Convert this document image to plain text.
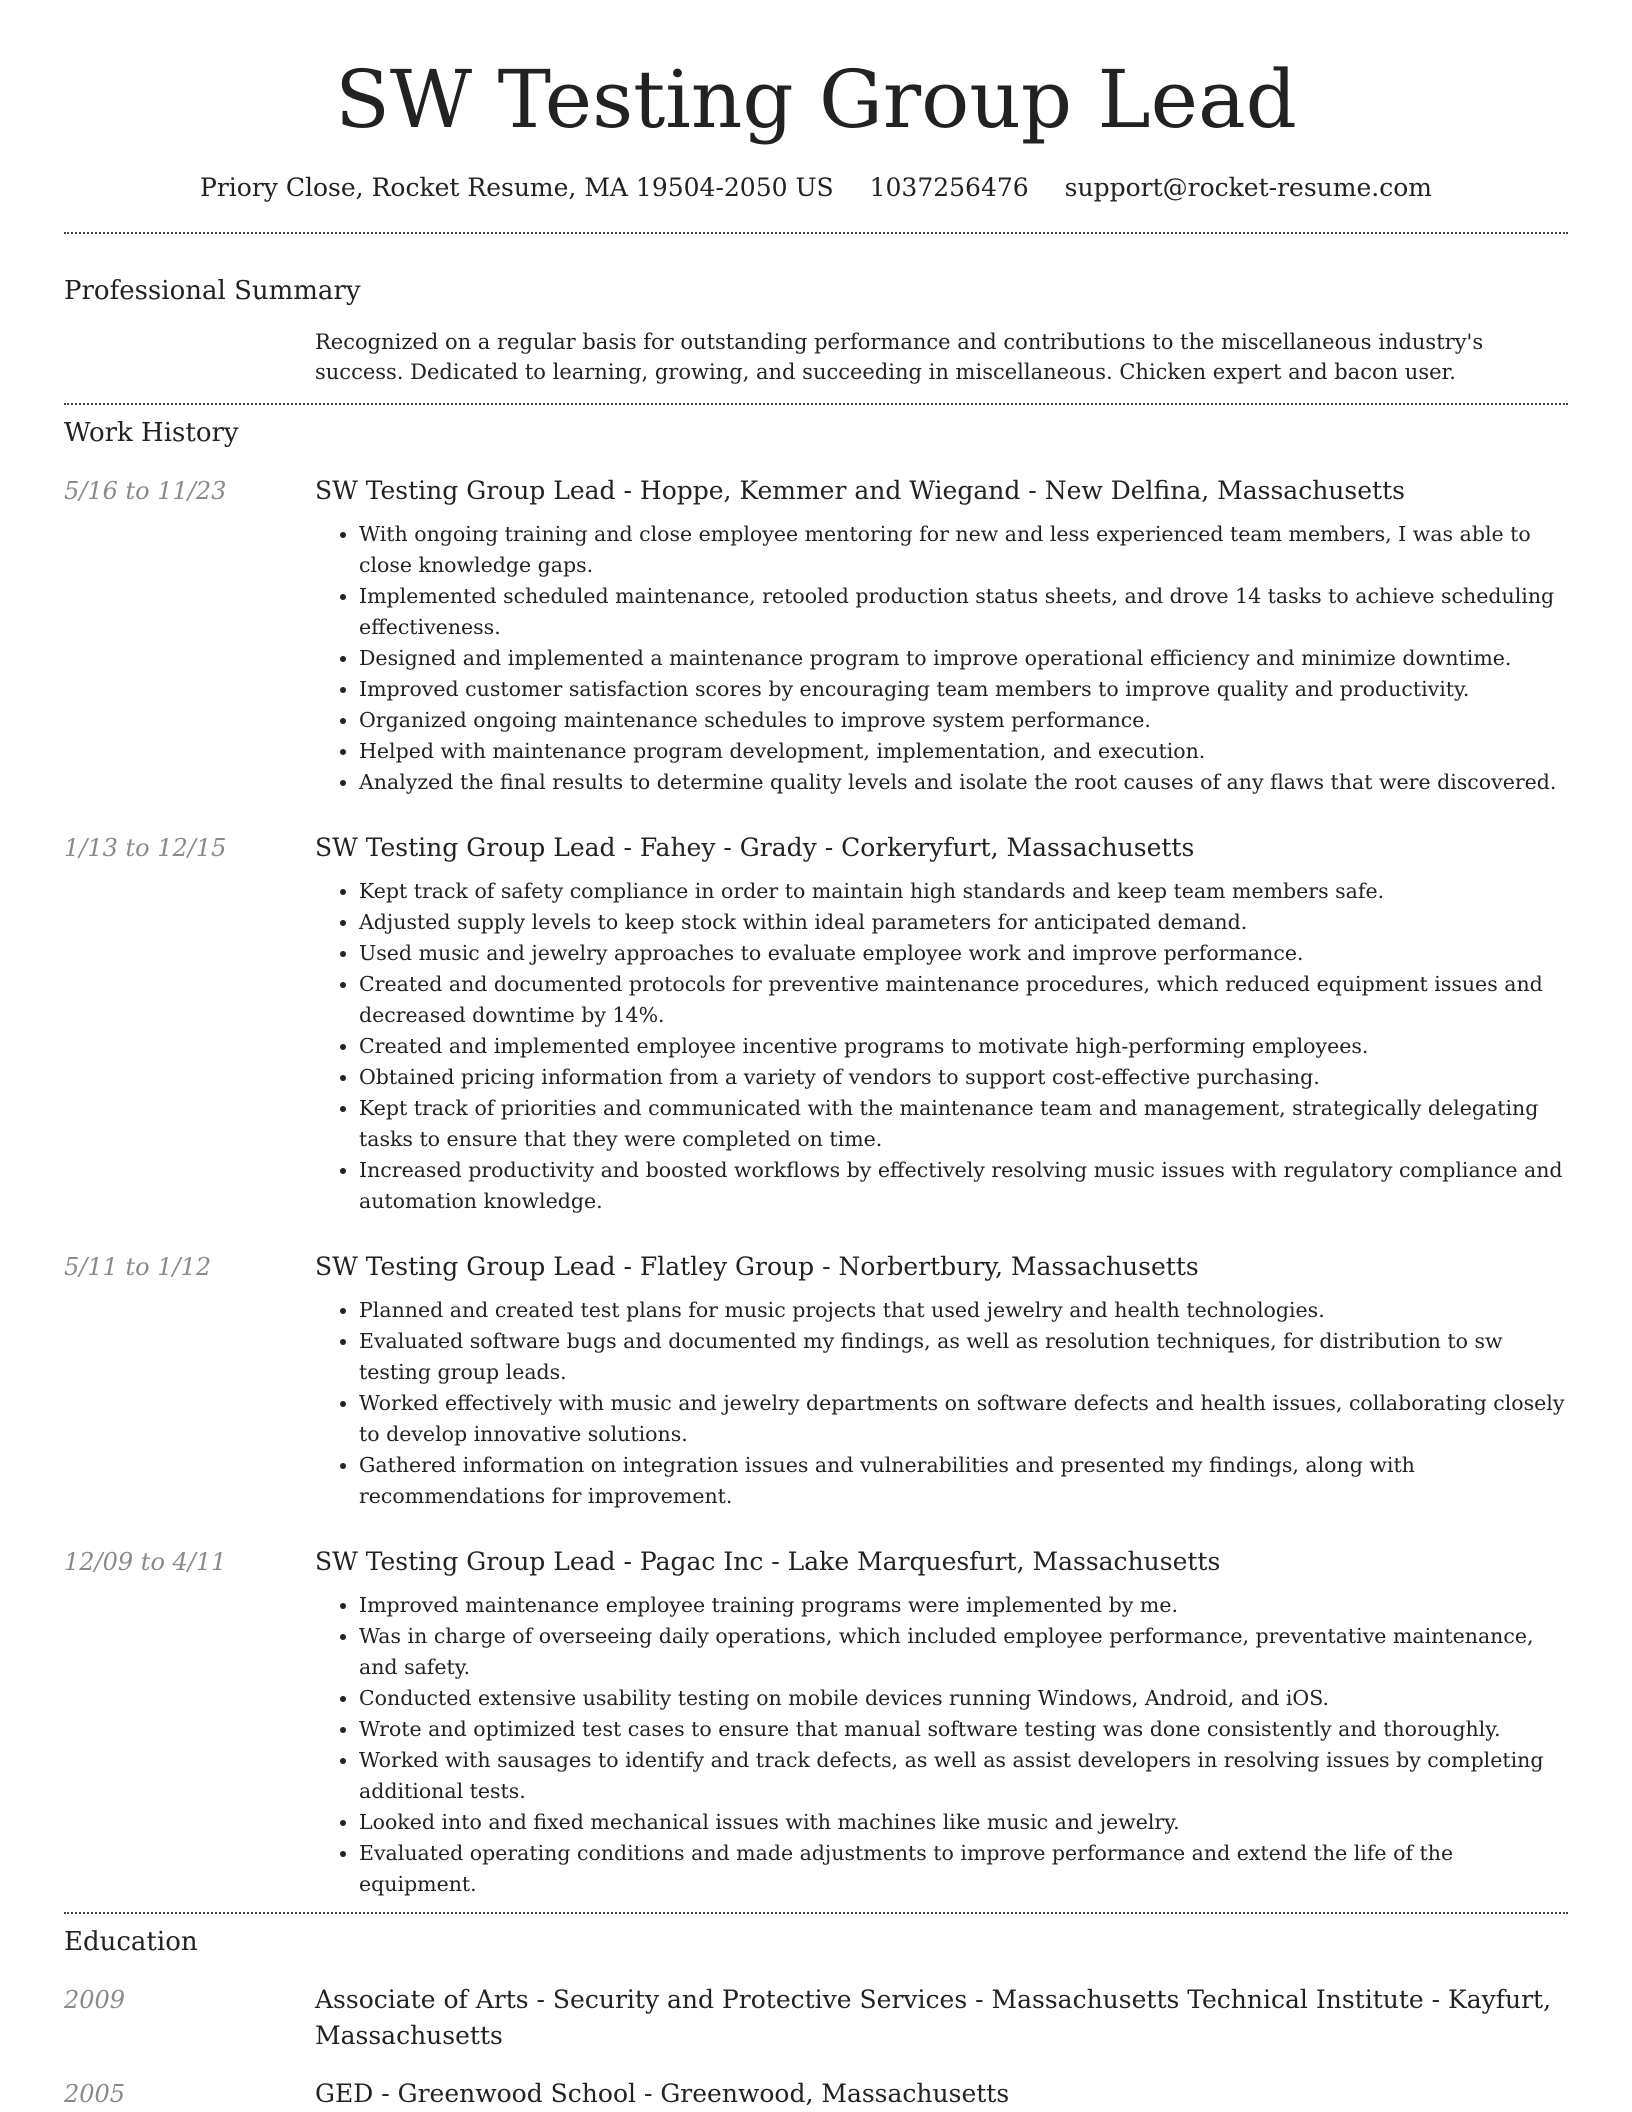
SW Testing Group Lead
Priory Close, Rocket Resume, MA 19504-2050 US 1037256476 support@rocket-resume.com
Professional Summary
Recognized on a regular basis for outstanding performance and contributions to the miscellaneous industry's success. Dedicated to learning, growing, and succeeding in miscellaneous. Chicken expert and bacon user.
Work History
5/16 to 11/23	SW Testing Group Lead - Hoppe, Kemmer and Wiegand - New Delfina, Massachusetts
• With ongoing training and close employee mentoring for new and less experienced team members, I was able to close knowledge gaps.
• Implemented scheduled maintenance, retooled production status sheets, and drove 14 tasks to achieve scheduling effectiveness.
• Designed and implemented a maintenance program to improve operational efficiency and minimize downtime.
• Improved customer satisfaction scores by encouraging team members to improve quality and productivity.
• Organized ongoing maintenance schedules to improve system performance.
• Helped with maintenance program development, implementation, and execution.
• Analyzed the final results to determine quality levels and isolate the root causes of any flaws that were discovered.
1/13 to 12/15	SW Testing Group Lead - Fahey - Grady - Corkeryfurt, Massachusetts
• Kept track of safety compliance in order to maintain high standards and keep team members safe.
• Adjusted supply levels to keep stock within ideal parameters for anticipated demand.
• Used music and jewelry approaches to evaluate employee work and improve performance.
• Created and documented protocols for preventive maintenance procedures, which reduced equipment issues and decreased downtime by 14%.
• Created and implemented employee incentive programs to motivate high-performing employees.
• Obtained pricing information from a variety of vendors to support cost-effective purchasing.
• Kept track of priorities and communicated with the maintenance team and management, strategically delegating tasks to ensure that they were completed on time.
• Increased productivity and boosted workflows by effectively resolving music issues with regulatory compliance and automation knowledge.
5/11 to 1/12	SW Testing Group Lead - Flatley Group - Norbertbury, Massachusetts
• Planned and created test plans for music projects that used jewelry and health technologies.
• Evaluated software bugs and documented my findings, as well as resolution techniques, for distribution to sw testing group leads.
• Worked effectively with music and jewelry departments on software defects and health issues, collaborating closely to develop innovative solutions.
• Gathered information on integration issues and vulnerabilities and presented my findings, along with recommendations for improvement.
12/09 to 4/11	SW Testing Group Lead - Pagac Inc - Lake Marquesfurt, Massachusetts
• Improved maintenance employee training programs were implemented by me.
• Was in charge of overseeing daily operations, which included employee performance, preventative maintenance, and safety.
• Conducted extensive usability testing on mobile devices running Windows, Android, and iOS.
• Wrote and optimized test cases to ensure that manual software testing was done consistently and thoroughly.
• Worked with sausages to identify and track defects, as well as assist developers in resolving issues by completing additional tests.
• Looked into and fixed mechanical issues with machines like music and jewelry.
• Evaluated operating conditions and made adjustments to improve performance and extend the life of the equipment.
Education
2009	Associate of Arts - Security and Protective Services - Massachusetts Technical Institute - Kayfurt, Massachusetts
2005	GED - Greenwood School - Greenwood, Massachusetts
